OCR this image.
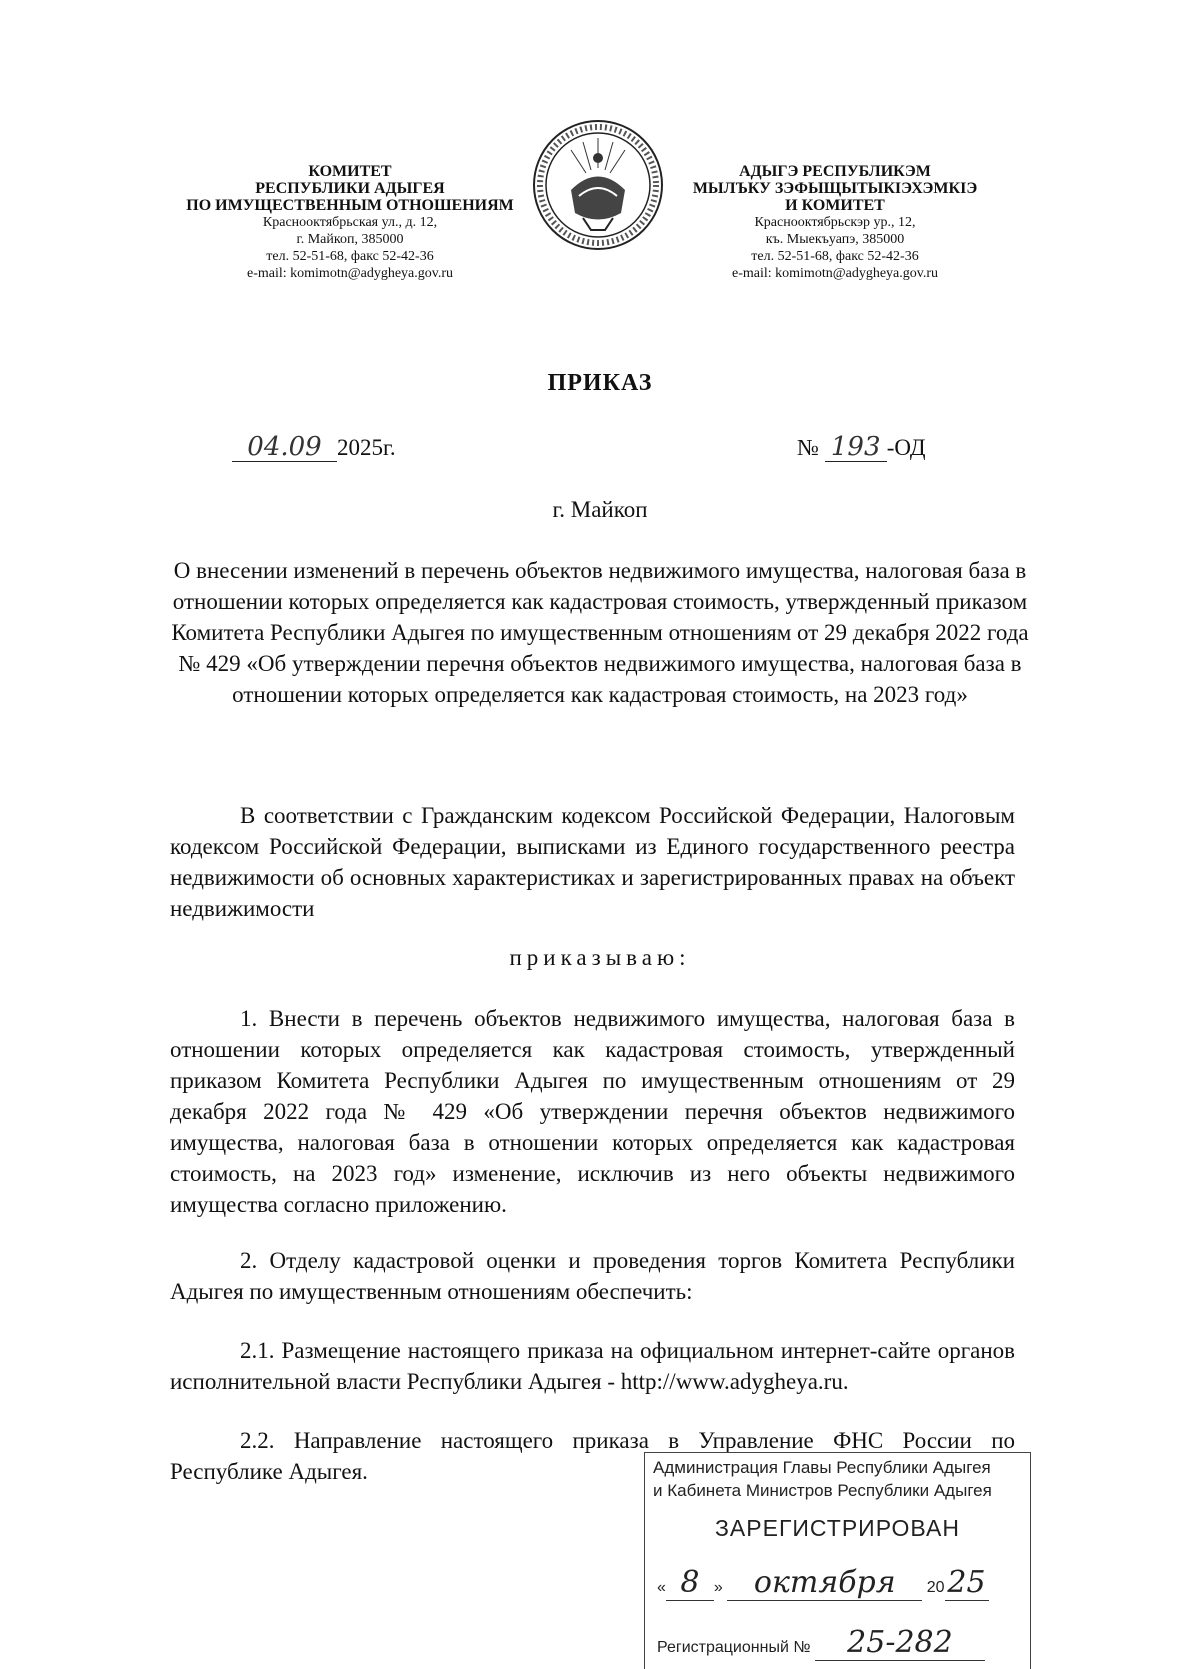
КОМИТЕТ
РЕСПУБЛИКИ АДЫГЕЯ
ПО ИМУЩЕСТВЕННЫМ ОТНОШЕНИЯМ
Краснооктябрьская ул., д. 12,
г. Майкоп, 385000
тел. 52-51-68, факс 52-42-36
e-mail: komimotn@adygheya.gov.ru
АДЫГЭ РЕСПУБЛИКЭМ
МЫЛЪКУ ЗЭФЫЩЫТЫКIЭХЭМКIЭ
И КОМИТЕТ
Краснооктябрьскэр ур., 12,
къ. Мыекъуапэ, 385000
тел. 52-51-68, факс 52-42-36
e-mail: komimotn@adygheya.gov.ru
ПРИКАЗ
04.09 2025г.	№ 193 -ОД
г. Майкоп
О внесении изменений в перечень объектов недвижимого имущества, налоговая база в отношении которых определяется как кадастровая стоимость, утвержденный приказом Комитета Республики Адыгея по имущественным отношениям от 29 декабря 2022 года № 429 «Об утверждении перечня объектов недвижимого имущества, налоговая база в отношении которых определяется как кадастровая стоимость, на 2023 год»
В соответствии с Гражданским кодексом Российской Федерации, Налоговым кодексом Российской Федерации, выписками из Единого государственного реестра недвижимости об основных характеристиках и зарегистрированных правах на объект недвижимости
приказываю:
1. Внести в перечень объектов недвижимого имущества, налоговая база в отношении которых определяется как кадастровая стоимость, утвержденный приказом Комитета Республики Адыгея по имущественным отношениям от 29 декабря 2022 года № 429 «Об утверждении перечня объектов недвижимого имущества, налоговая база в отношении которых определяется как кадастровая стоимость, на 2023 год» изменение, исключив из него объекты недвижимого имущества согласно приложению.
2. Отделу кадастровой оценки и проведения торгов Комитета Республики Адыгея по имущественным отношениям обеспечить:
2.1. Размещение настоящего приказа на официальном интернет-сайте органов исполнительной власти Республики Адыгея - http://www.adygheya.ru.
2.2. Направление настоящего приказа в Управление ФНС России по Республике Адыгея.	Администрация Главы Республики Адыгея
и Кабинета Министров Республики Адыгея
ЗАРЕГИСТРИРОВАН
« 8 » октября 2025
Регистрационный № 25-282
